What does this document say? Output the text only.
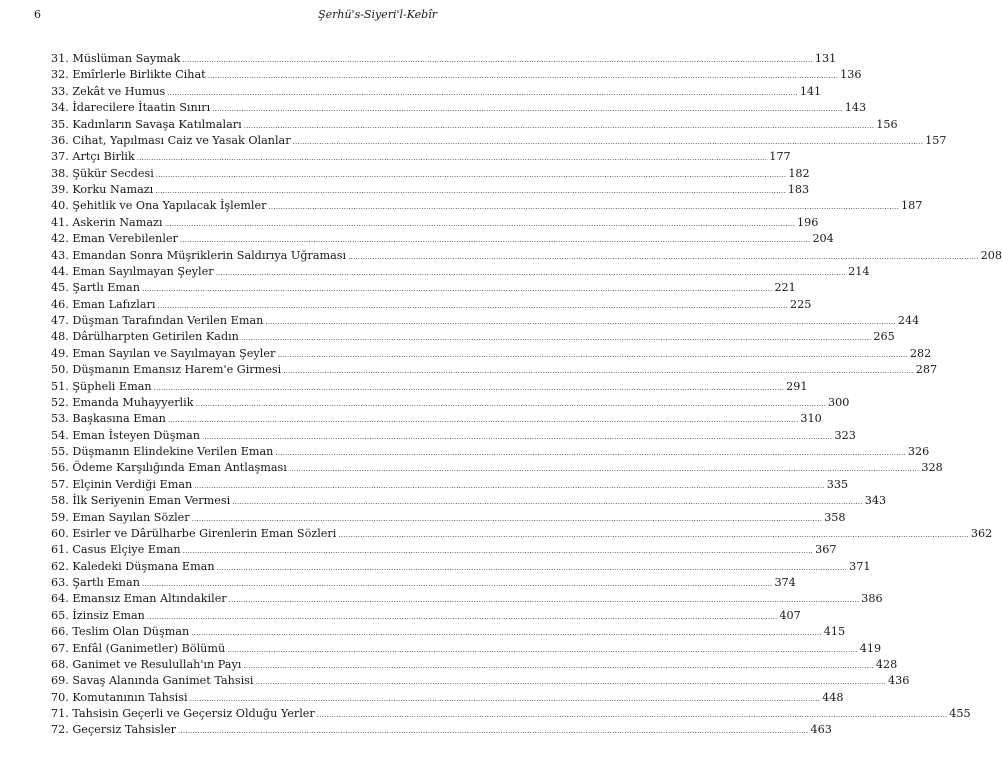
6	Şerhü's-Siyeri'l-Kebîr
31. Müslüman Saymak .................................................................................................................................................................................................................................................................... 131
32. Emîrlerle Birlikte Cihat .................................................................................................................................................................................................................................................................... 136
33. Zekât ve Humus .................................................................................................................................................................................................................................................................... 141
34. İdarecilere İtaatin Sınırı .................................................................................................................................................................................................................................................................... 143
35. Kadınların Savaşa Katılmaları .................................................................................................................................................................................................................................................................... 156
36. Cihat, Yapılması Caiz ve Yasak Olanlar .................................................................................................................................................................................................................................................................... 157
37. Artçı Birlik .................................................................................................................................................................................................................................................................... 177
38. Şükür Secdesi .................................................................................................................................................................................................................................................................... 182
39. Korku Namazı .................................................................................................................................................................................................................................................................... 183
40. Şehitlik ve Ona Yapılacak İşlemler .................................................................................................................................................................................................................................................................... 187
41. Askerin Namazı .................................................................................................................................................................................................................................................................... 196
42. Eman Verebilenler .................................................................................................................................................................................................................................................................... 204
43. Emandan Sonra Müşriklerin Saldırıya Uğraması .................................................................................................................................................................................................................................................................... 208
44. Eman Sayılmayan Şeyler .................................................................................................................................................................................................................................................................... 214
45. Şartlı Eman .................................................................................................................................................................................................................................................................... 221
46. Eman Lafızları .................................................................................................................................................................................................................................................................... 225
47. Düşman Tarafından Verilen Eman .................................................................................................................................................................................................................................................................... 244
48. Dârülharpten Getirilen Kadın .................................................................................................................................................................................................................................................................... 265
49. Eman Sayılan ve Sayılmayan Şeyler .................................................................................................................................................................................................................................................................... 282
50. Düşmanın Emansız Harem'e Girmesi .................................................................................................................................................................................................................................................................... 287
51. Şüpheli Eman .................................................................................................................................................................................................................................................................... 291
52. Emanda Muhayyerlik .................................................................................................................................................................................................................................................................... 300
53. Başkasına Eman .................................................................................................................................................................................................................................................................... 310
54. Eman İsteyen Düşman .................................................................................................................................................................................................................................................................... 323
55. Düşmanın Elindekine Verilen Eman .................................................................................................................................................................................................................................................................... 326
56. Ödeme Karşılığında Eman Antlaşması .................................................................................................................................................................................................................................................................... 328
57. Elçinin Verdiği Eman .................................................................................................................................................................................................................................................................... 335
58. İlk Seriyenin Eman Vermesi .................................................................................................................................................................................................................................................................... 343
59. Eman Sayılan Sözler .................................................................................................................................................................................................................................................................... 358
60. Esirler ve Dârülharbe Girenlerin Eman Sözleri .................................................................................................................................................................................................................................................................... 362
61. Casus Elçiye Eman .................................................................................................................................................................................................................................................................... 367
62. Kaledeki Düşmana Eman .................................................................................................................................................................................................................................................................... 371
63. Şartlı Eman .................................................................................................................................................................................................................................................................... 374
64. Emansız Eman Altındakiler .................................................................................................................................................................................................................................................................... 386
65. İzinsiz Eman .................................................................................................................................................................................................................................................................... 407
66. Teslim Olan Düşman .................................................................................................................................................................................................................................................................... 415
67. Enfâl (Ganimetler) Bölümü .................................................................................................................................................................................................................................................................... 419
68. Ganimet ve Resulullah'ın Payı .................................................................................................................................................................................................................................................................... 428
69. Savaş Alanında Ganimet Tahsisi .................................................................................................................................................................................................................................................................... 436
70. Komutanının Tahsisi .................................................................................................................................................................................................................................................................... 448
71. Tahsisin Geçerli ve Geçersiz Olduğu Yerler .................................................................................................................................................................................................................................................................... 455
72. Geçersiz Tahsisler .................................................................................................................................................................................................................................................................... 463
